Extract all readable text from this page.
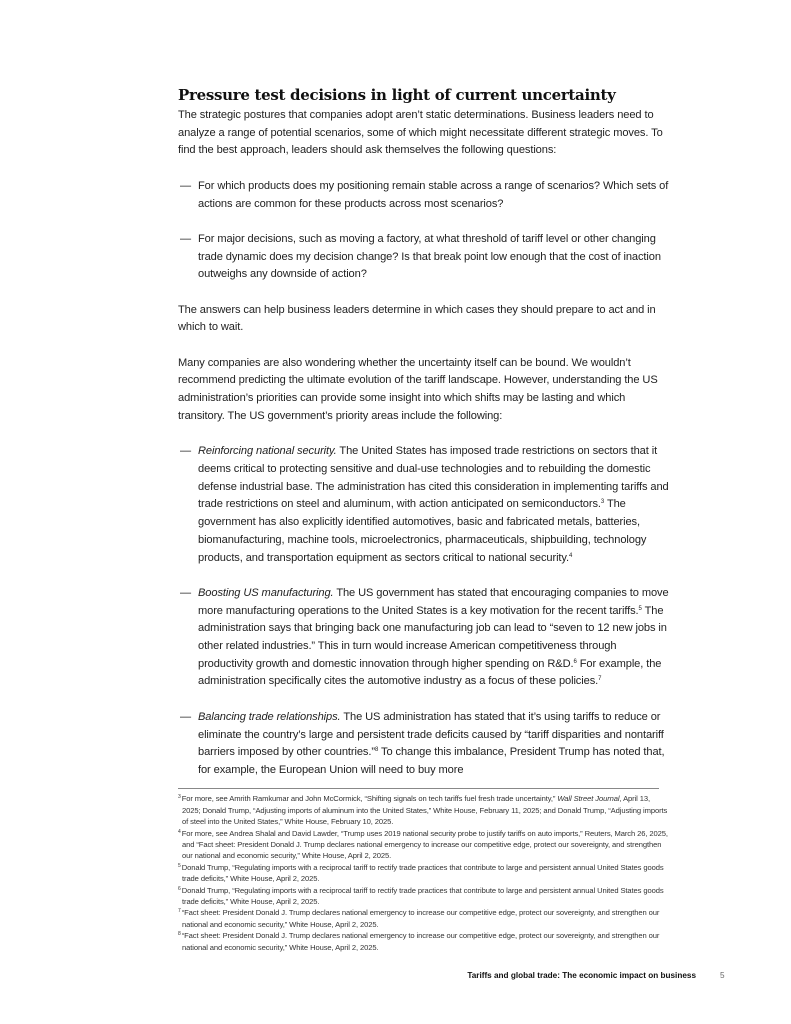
Pressure test decisions in light of current uncertainty

The strategic postures that companies adopt aren’t static determinations. Business leaders need to analyze a range of potential scenarios, some of which might necessitate different strategic moves. To find the best approach, leaders should ask themselves the following questions:

— For which products does my positioning remain stable across a range of scenarios? Which sets of actions are common for these products across most scenarios?
— For major decisions, such as moving a factory, at what threshold of tariff level or other changing trade dynamic does my decision change? Is that break point low enough that the cost of inaction outweighs any downside of action?

The answers can help business leaders determine in which cases they should prepare to act and in which to wait.

Many companies are also wondering whether the uncertainty itself can be bound. We wouldn’t recommend predicting the ultimate evolution of the tariff landscape. However, understanding the US administration’s priorities can provide some insight into which shifts may be lasting and which transitory. The US government’s priority areas include the following:

— Reinforcing national security. The United States has imposed trade restrictions on sectors that it deems critical to protecting sensitive and dual-use technologies and to rebuilding the domestic defense industrial base. The administration has cited this consideration in implementing tariffs and trade restrictions on steel and aluminum, with action anticipated on semiconductors.$^3$ The government has also explicitly identified automotives, basic and fabricated metals, batteries, biomanufacturing, machine tools, microelectronics, pharmaceuticals, shipbuilding, technology products, and transportation equipment as sectors critical to national security.$^4$
— Boosting US manufacturing. The US government has stated that encouraging companies to move more manufacturing operations to the United States is a key motivation for the recent tariffs.$^5$ The administration says that bringing back one manufacturing job can lead to “seven to 12 new jobs in other related industries.” This in turn would increase American competitiveness through productivity growth and domestic innovation through higher spending on R&D.$^6$ For example, the administration specifically cites the automotive industry as a focus of these policies.$^7$
— Balancing trade relationships. The US administration has stated that it’s using tariffs to reduce or eliminate the country’s large and persistent trade deficits caused by “tariff disparities and nontariff barriers imposed by other countries.”$^8$ To change this imbalance, President Trump has noted that, for example, the European Union will need to buy more

$^3$For more, see Amrith Ramkumar and John McCormick, “Shifting signals on tech tariffs fuel fresh trade uncertainty,” Wall Street Journal, April 13, 2025; Donald Trump, “Adjusting imports of aluminum into the United States,” White House, February 11, 2025; and Donald Trump, “Adjusting imports of steel into the United States,” White House, February 10, 2025.

$^4$For more, see Andrea Shalal and David Lawder, “Trump uses 2019 national security probe to justify tariffs on auto imports,” Reuters, March 26, 2025, and “Fact sheet: President Donald J. Trump declares national emergency to increase our competitive edge, protect our sovereignty, and strengthen our national and economic security,” White House, April 2, 2025.

$^5$Donald Trump, “Regulating imports with a reciprocal tariff to rectify trade practices that contribute to large and persistent annual United States goods trade deficits,” White House, April 2, 2025.

$^6$Donald Trump, “Regulating imports with a reciprocal tariff to rectify trade practices that contribute to large and persistent annual United States goods trade deficits,” White House, April 2, 2025.

$^7$“Fact sheet: President Donald J. Trump declares national emergency to increase our competitive edge, protect our sovereignty, and strengthen our national and economic security,” White House, April 2, 2025.

$^8$“Fact sheet: President Donald J. Trump declares national emergency to increase our competitive edge, protect our sovereignty, and strengthen our national and economic security,” White House, April 2, 2025.

Tariffs and global trade: The economic impact on business	5
